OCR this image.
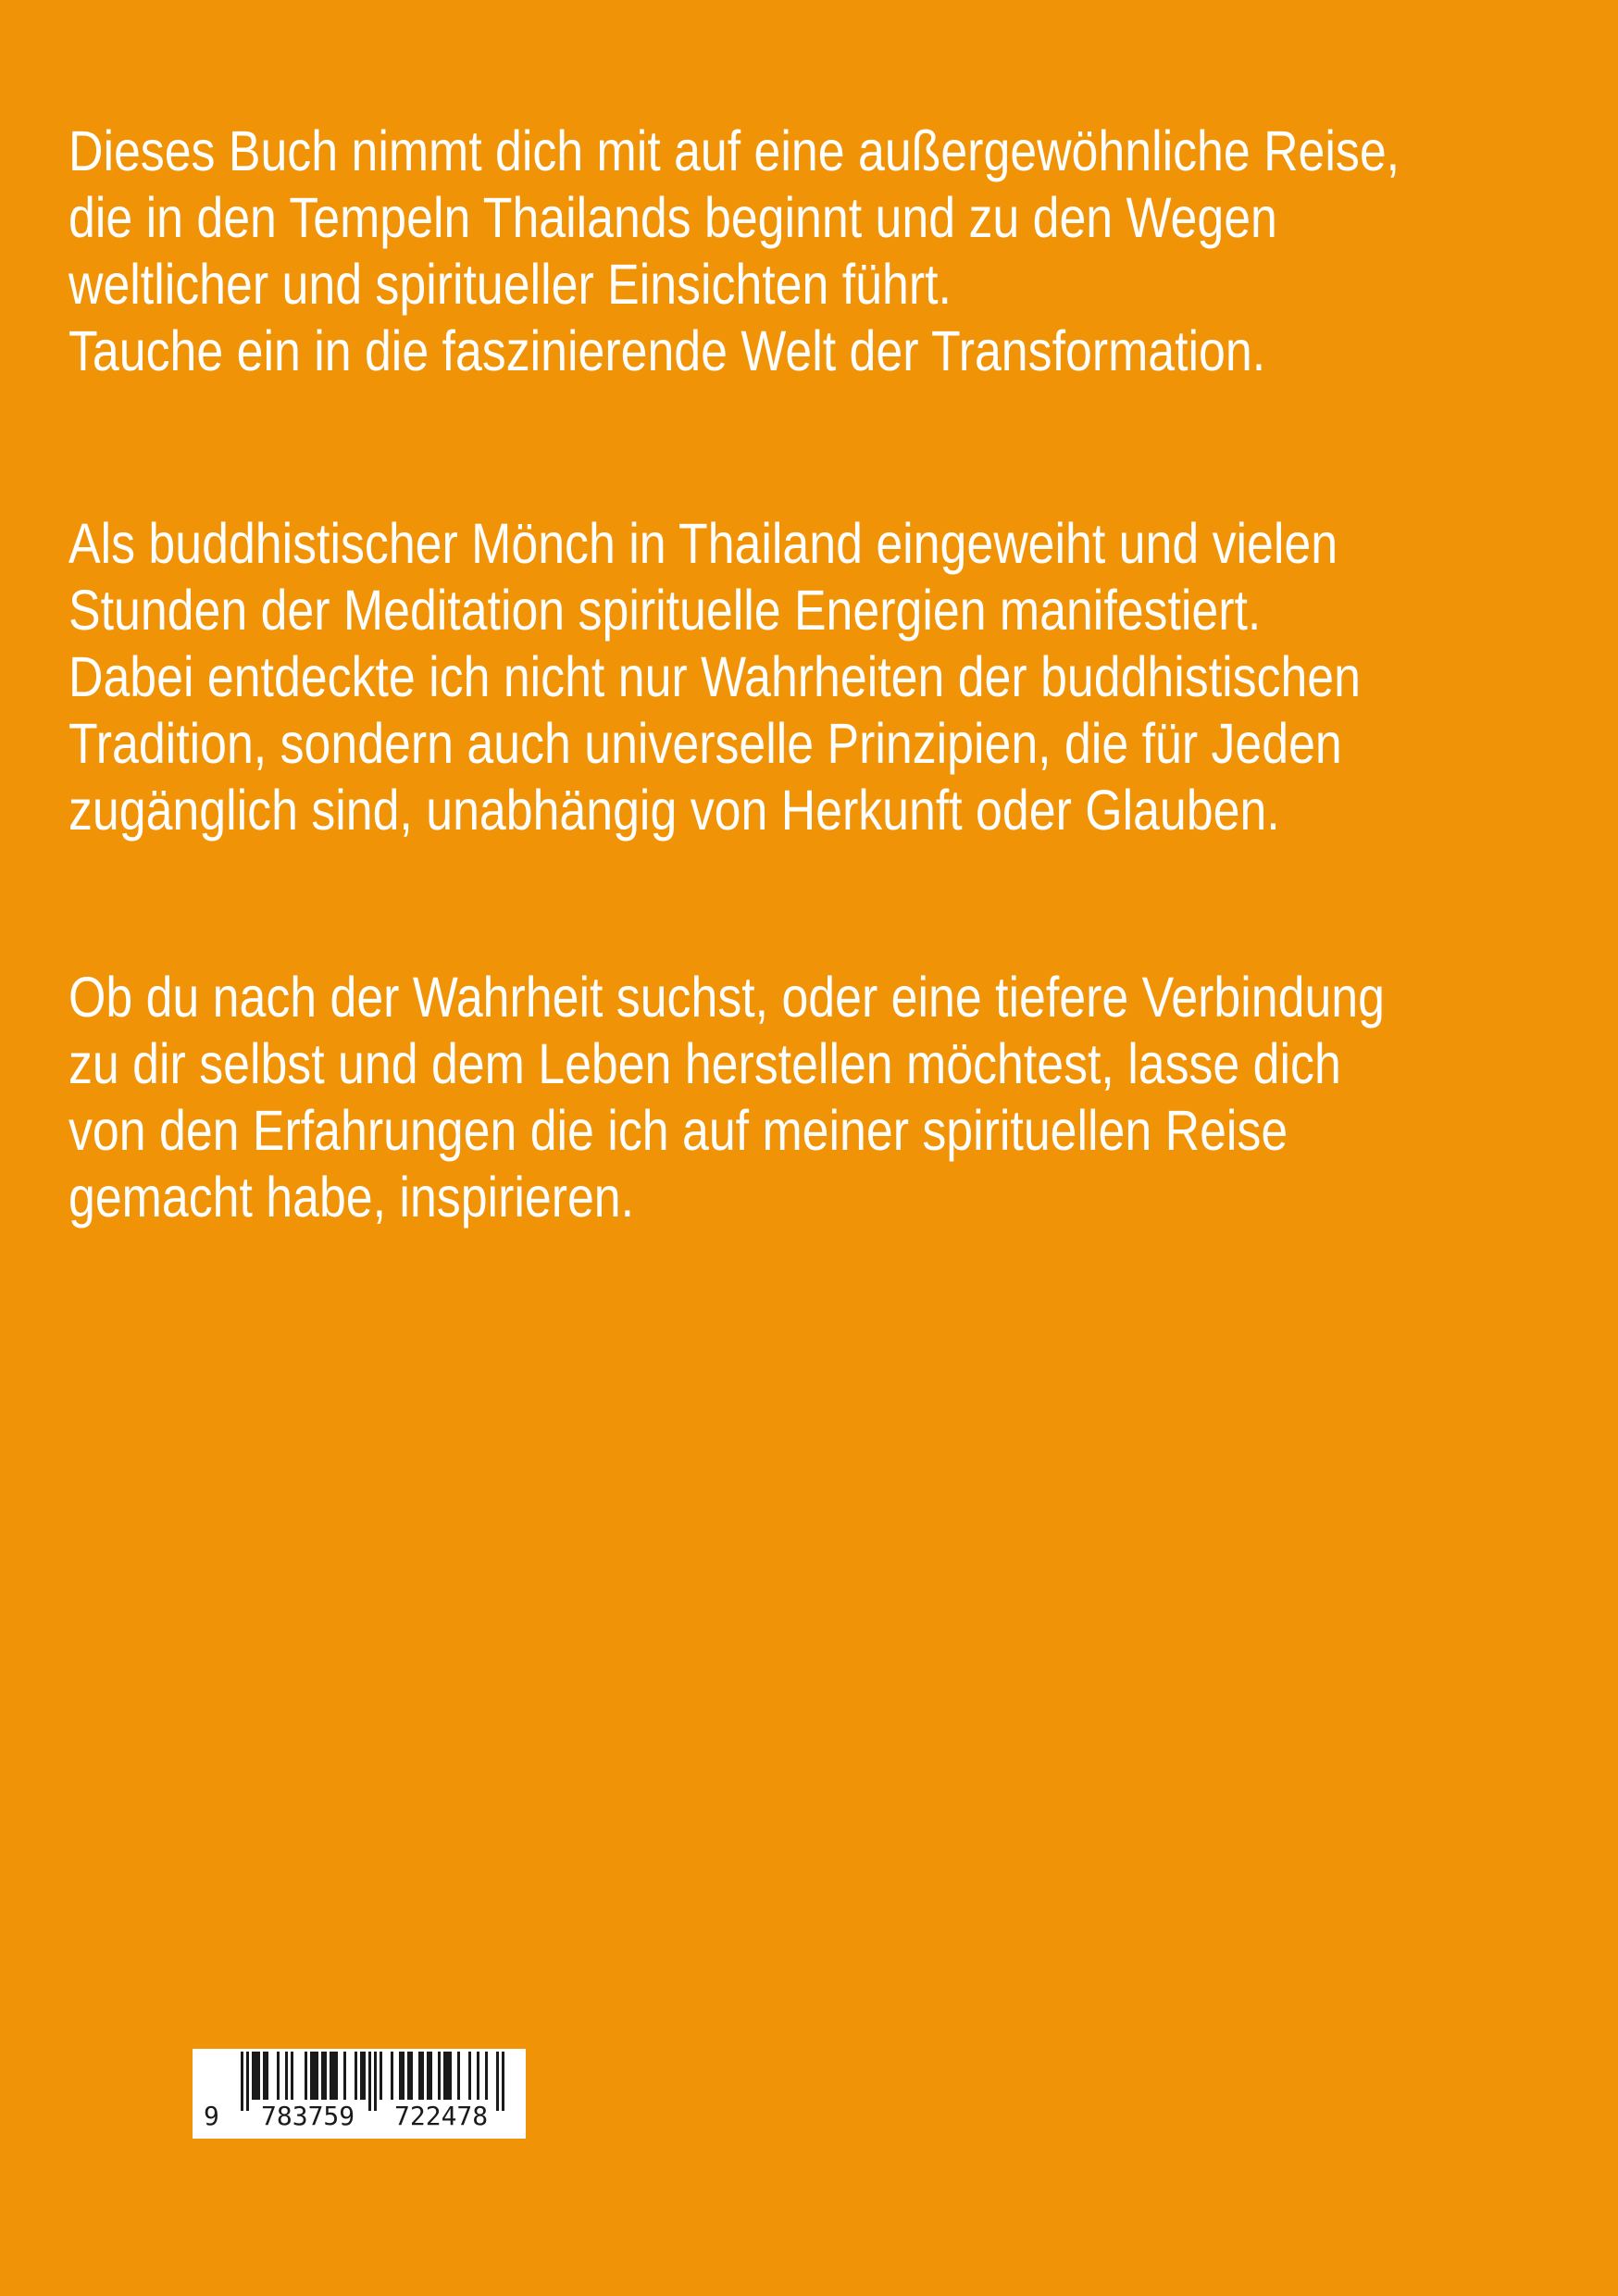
Dieses Buch nimmt dich mit auf eine außergewöhnliche Reise,
die in den Tempeln Thailands beginnt und zu den Wegen
weltlicher und spiritueller Einsichten führt.
Tauche ein in die faszinierende Welt der Transformation.
Als buddhistischer Mönch in Thailand eingeweiht und vielen
Stunden der Meditation spirituelle Energien manifestiert.
Dabei entdeckte ich nicht nur Wahrheiten der buddhistischen
Tradition, sondern auch universelle Prinzipien, die für Jeden
zugänglich sind, unabhängig von Herkunft oder Glauben.
Ob du nach der Wahrheit suchst, oder eine tiefere Verbindung
zu dir selbst und dem Leben herstellen möchtest, lasse dich
von den Erfahrungen die ich auf meiner spirituellen Reise
gemacht habe, inspirieren.
9 783759 722478
